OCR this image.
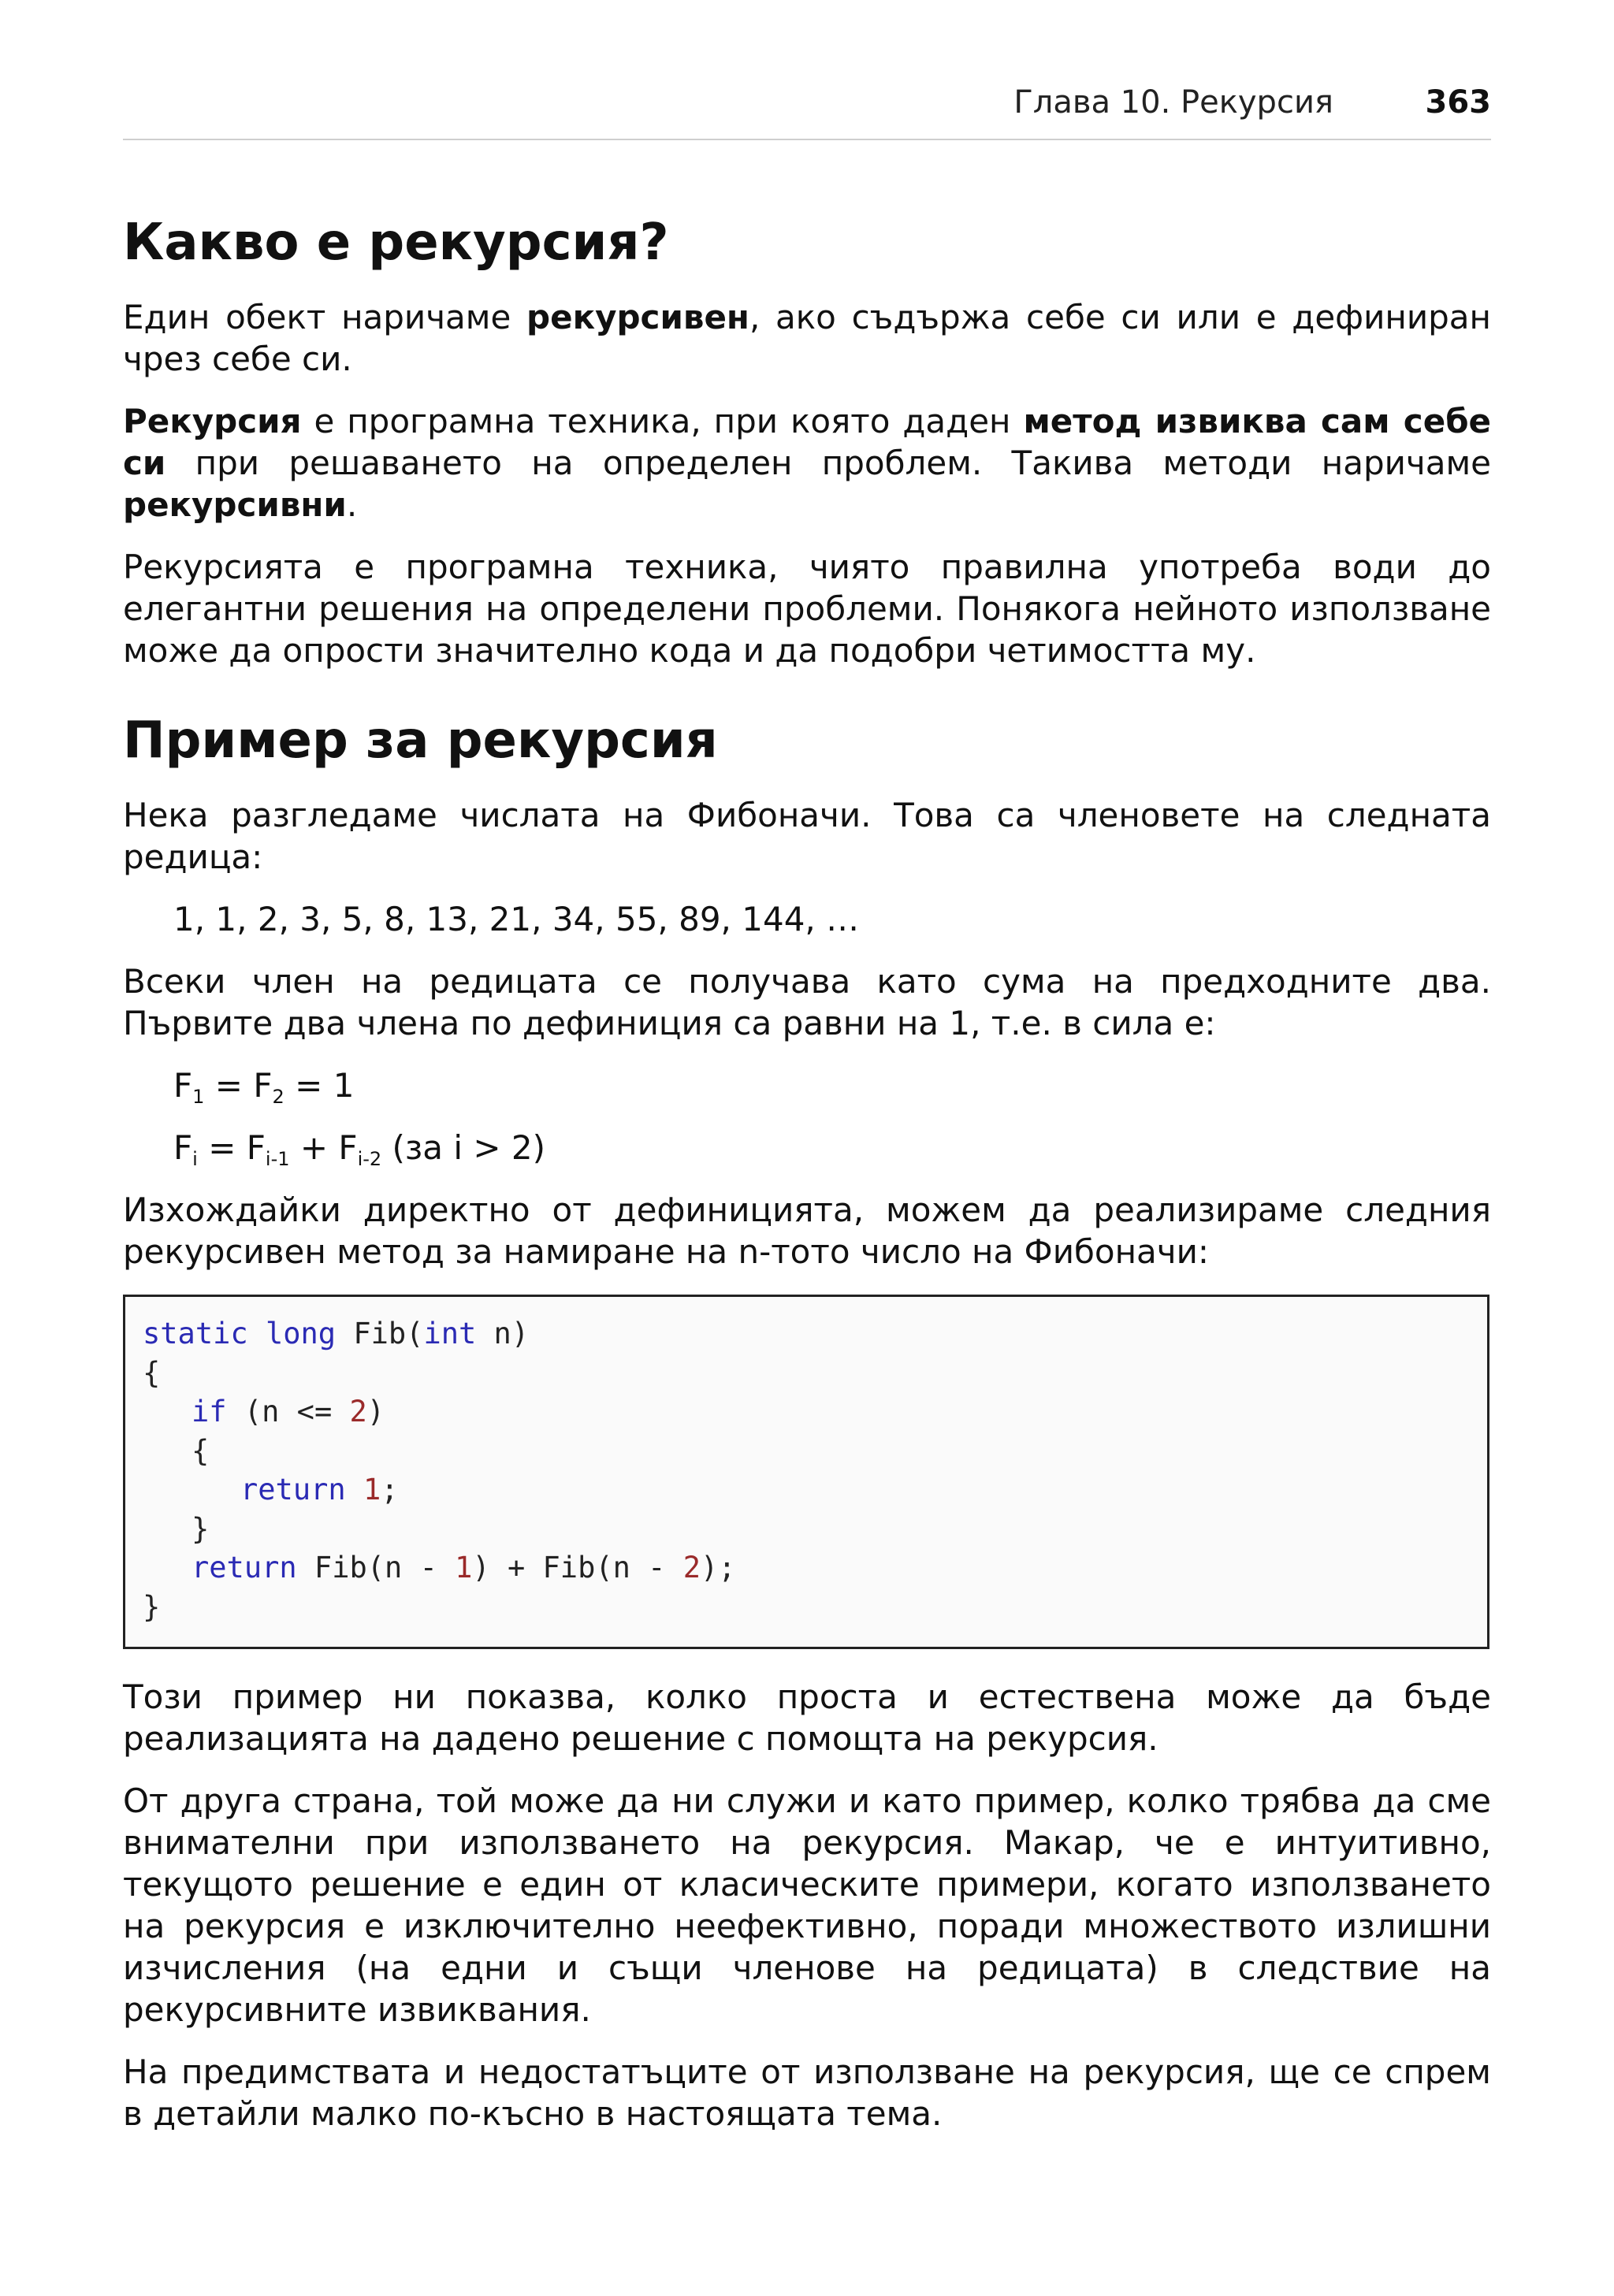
Глава 10. Рекурсия	363
Какво е рекурсия?

Един обект наричаме рекурсивен, ако съдържа себе си или е дефиниран чрез себе си.

Рекурсия е програмна техника, при която даден метод извиква сам себе си при решаването на определен проблем. Такива методи наричаме рекурсивни.

Рекурсията е програмна техника, чиято правилна употреба води до елегантни решения на определени проблеми. Понякога нейното използване може да опрости значително кода и да подобри четимостта му.

Пример за рекурсия

Нека разгледаме числата на Фибоначи. Това са членовете на следната редица:

1, 1, 2, 3, 5, 8, 13, 21, 34, 55, 89, 144, …

Всеки член на редицата се получава като сума на предходните два. Първите два члена по дефиниция са равни на 1, т.е. в сила е:

$F_1 = F_2 = 1$
$F_i = F_{i-1} + F_{i-2}$ (за i > 2)

Изхождайки директно от дефиницията, можем да реализираме следния рекурсивен метод за намиране на n-тото число на Фибоначи:

static long Fib(int n)
{
if (n <= 2)
{
return 1;
}
return Fib(n - 1) + Fib(n - 2);
}

Този пример ни показва, колко проста и естествена може да бъде реализацията на дадено решение с помощта на рекурсия.

От друга страна, той може да ни служи и като пример, колко трябва да сме внимателни при използването на рекурсия. Макар, че е интуитивно, текущото решение е един от класическите примери, когато използването на рекурсия е изключително неефективно, поради множеството излишни изчисления (на едни и същи членове на редицата) в следствие на рекурсивните извиквания.

На предимствата и недостатъците от използване на рекурсия, ще се спрем в детайли малко по-късно в настоящата тема.
